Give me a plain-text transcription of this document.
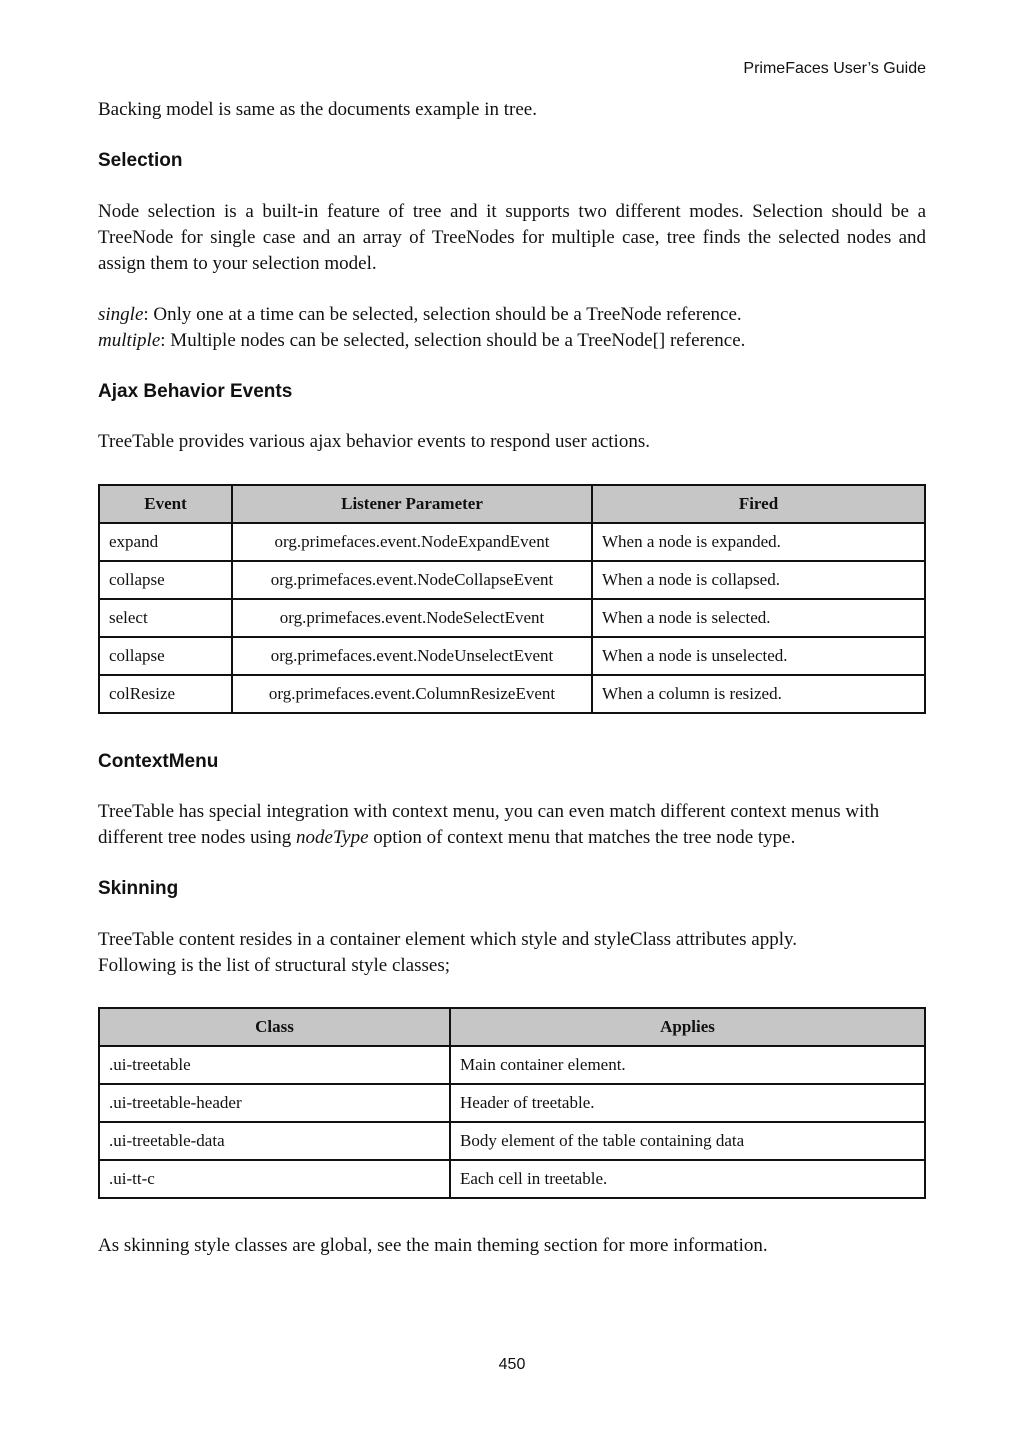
PrimeFaces User’s Guide

Backing model is same as the documents example in tree.

Selection

Node selection is a built-in feature of tree and it supports two different modes. Selection should be a TreeNode for single case and an array of TreeNodes for multiple case, tree finds the selected nodes and assign them to your selection model.

single: Only one at a time can be selected, selection should be a TreeNode reference.
multiple: Multiple nodes can be selected, selection should be a TreeNode[] reference.
Ajax Behavior Events

TreeTable provides various ajax behavior events to respond user actions.

Event	Listener Parameter	Fired
expand	org.primefaces.event.NodeExpandEvent	When a node is expanded.
collapse	org.primefaces.event.NodeCollapseEvent	When a node is collapsed.
select	org.primefaces.event.NodeSelectEvent	When a node is selected.
collapse	org.primefaces.event.NodeUnselectEvent	When a node is unselected.
colResize	org.primefaces.event.ColumnResizeEvent	When a column is resized.
ContextMenu

TreeTable has special integration with context menu, you can even match different context menus with different tree nodes using nodeType option of context menu that matches the tree node type.

Skinning

TreeTable content resides in a container element which style and styleClass attributes apply. Following is the list of structural style classes;

Class	Applies
.ui-treetable	Main container element.
.ui-treetable-header	Header of treetable.
.ui-treetable-data	Body element of the table containing data
.ui-tt-c	Each cell in treetable.

As skinning style classes are global, see the main theming section for more information.

450
